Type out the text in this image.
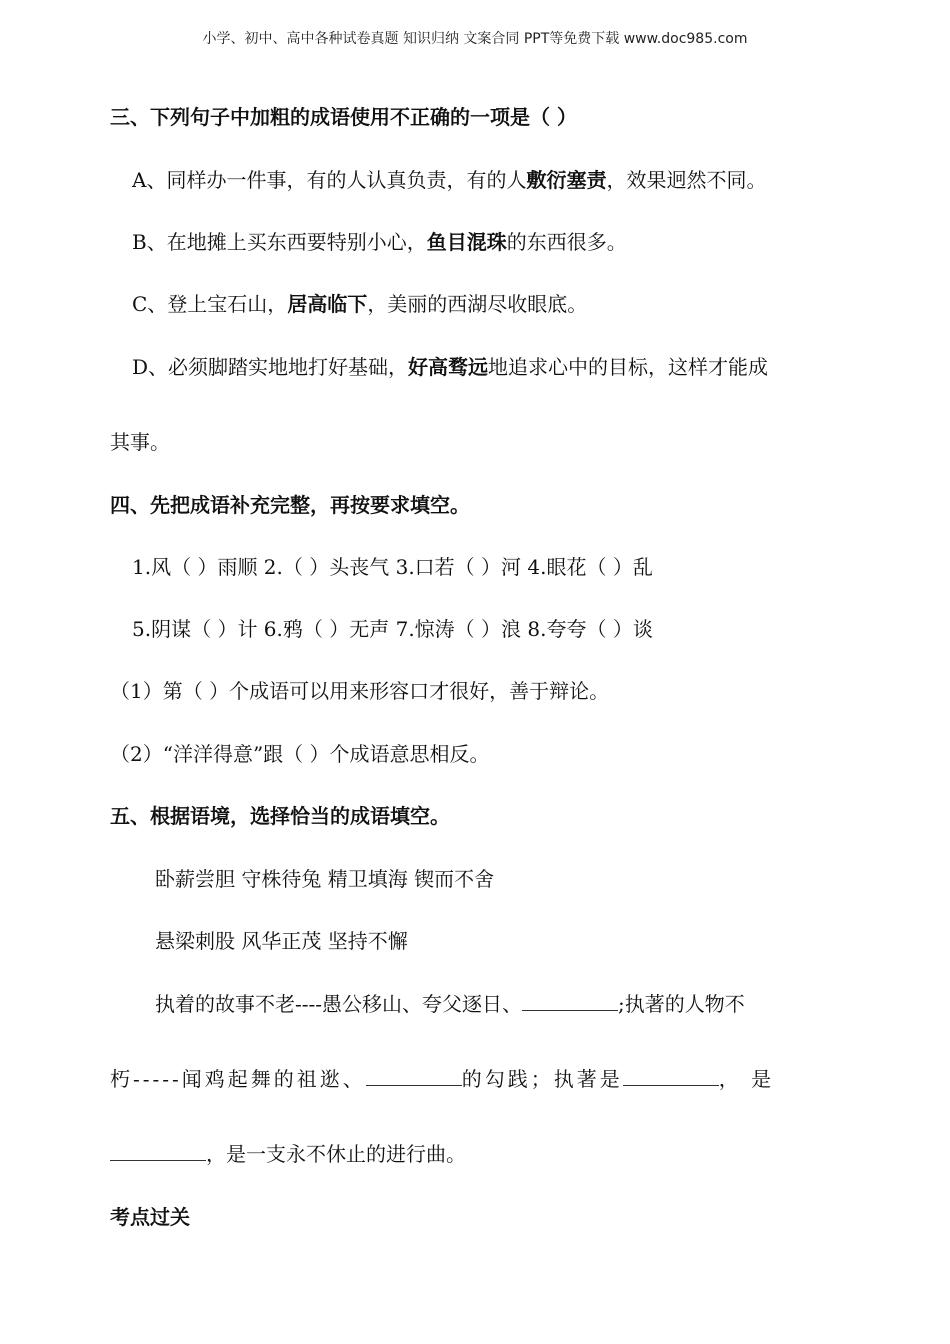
小学、初中、高中各种试卷真题 知识归纳 文案合同 PPT等免费下载 www.doc985.com
三、下列句子中加粗的成语使用不正确的一项是（ ）
A、同样办一件事，有的人认真负责，有的人敷衍塞责，效果迥然不同。
B、在地摊上买东西要特别小心，鱼目混珠的东西很多。
C、登上宝石山，居高临下，美丽的西湖尽收眼底。
D、必须脚踏实地地打好基础，好高骛远地追求心中的目标，这样才能成
其事。
四、先把成语补充完整，再按要求填空。
1.风（ ）雨顺 2.（ ）头丧气 3.口若（ ）河 4.眼花（ ）乱
5.阴谋（ ）计 6.鸦（ ）无声 7.惊涛（ ）浪 8.夸夸（ ）谈
（1）第（ ）个成语可以用来形容口才很好，善于辩论。
（2）“洋洋得意”跟（ ）个成语意思相反。
五、根据语境，选择恰当的成语填空。
卧薪尝胆 守株待兔 精卫填海 锲而不舍
悬梁刺股 风华正茂 坚持不懈
执着的故事不老----愚公移山、夸父逐日、	;执著的人物不
朽-----闻鸡起舞的祖逖、	的勾践；执著是	， 是
，是一支永不休止的进行曲。
考点过关
